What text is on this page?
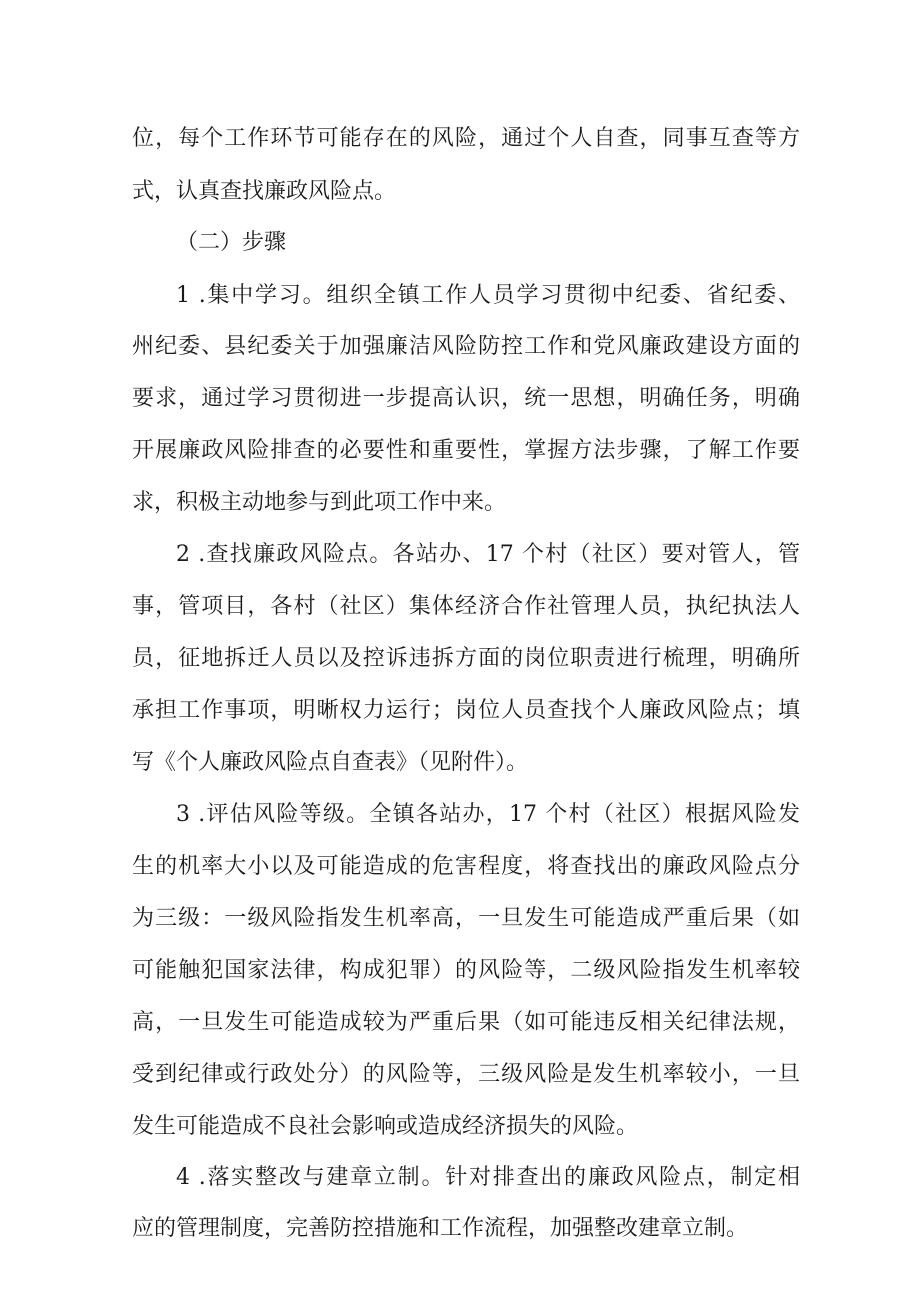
位，每个工作环节可能存在的风险，通过个人自查，同事互查等方
式，认真查找廉政风险点。
（二）步骤
1 .集中学习。组织全镇工作人员学习贯彻中纪委、省纪委、
州纪委、县纪委关于加强廉洁风险防控工作和党风廉政建设方面的
要求，通过学习贯彻进一步提高认识，统一思想，明确任务，明确
开展廉政风险排查的必要性和重要性，掌握方法步骤，了解工作要
求，积极主动地参与到此项工作中来。
2 .查找廉政风险点。各站办、17 个村（社区）要对管人，管
事，管项目，各村（社区）集体经济合作社管理人员，执纪执法人
员，征地拆迁人员以及控诉违拆方面的岗位职责进行梳理，明确所
承担工作事项，明晰权力运行；岗位人员查找个人廉政风险点；填
写《个人廉政风险点自查表》（见附件）。
3 .评估风险等级。全镇各站办，17 个村（社区）根据风险发
生的机率大小以及可能造成的危害程度，将查找出的廉政风险点分
为三级：一级风险指发生机率高，一旦发生可能造成严重后果（如
可能触犯国家法律，构成犯罪）的风险等，二级风险指发生机率较
高，一旦发生可能造成较为严重后果（如可能违反相关纪律法规，
受到纪律或行政处分）的风险等，三级风险是发生机率较小，一旦
发生可能造成不良社会影响或造成经济损失的风险。
4 .落实整改与建章立制。针对排查出的廉政风险点，制定相
应的管理制度，完善防控措施和工作流程，加强整改建章立制。
